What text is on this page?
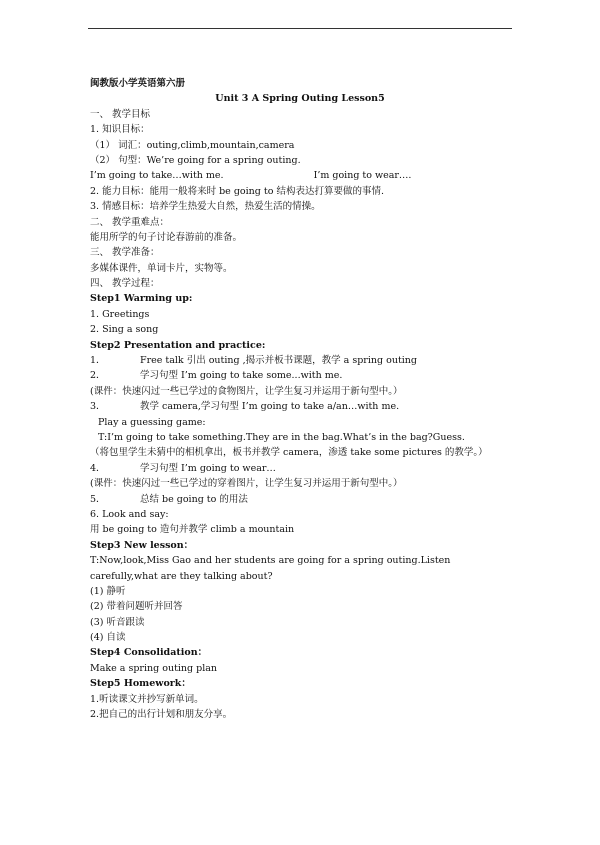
闽教版小学英语第六册
Unit 3 A Spring Outing Lesson5
一、 教学目标
1. 知识目标：
（1） 词汇：outing,climb,mountain,camera
（2） 句型：We’re going for a spring outing.
I’m going to take…with me.	I’m going to wear….
2. 能力目标：能用一般将来时 be going to 结构表达打算要做的事情.
3. 情感目标：培养学生热爱大自然，热爱生活的情操。
二、 教学重难点：
能用所学的句子讨论春游前的准备。
三、 教学准备：
多媒体课件，单词卡片，实物等。
四、 教学过程：
Step1 Warming up:
1. Greetings
2. Sing a song
Step2 Presentation and practice:
1．	Free talk 引出 outing ,揭示并板书课题，教学 a spring outing
2．	学习句型 I’m going to take some...with me.
(课件：快速闪过一些已学过的食物图片，让学生复习并运用于新句型中。）
3．	教学 camera,学习句型 I’m going to take a/an…with me.
Play a guessing game:
T:I’m going to take something.They are in the bag.What’s in the bag?Guess.
（将包里学生未猜中的相机拿出，板书并教学 camera，渗透 take some pictures 的教学。）
4．	学习句型 I’m going to wear…
(课件：快速闪过一些已学过的穿着图片，让学生复习并运用于新句型中。）
5．	总结 be going to 的用法
6. Look and say:
用 be going to 造句并教学 climb a mountain
Step3 New lesson：
T:Now,look,Miss Gao and her students are going for a spring outing.Listen carefully,what are they talking about?
(1) 静听
(2) 带着问题听并回答
(3) 听音跟读
(4) 自读
Step4 Consolidation：
Make a spring outing plan
Step5 Homework：
1.听读课文并抄写新单词。
2.把自己的出行计划和朋友分享。
